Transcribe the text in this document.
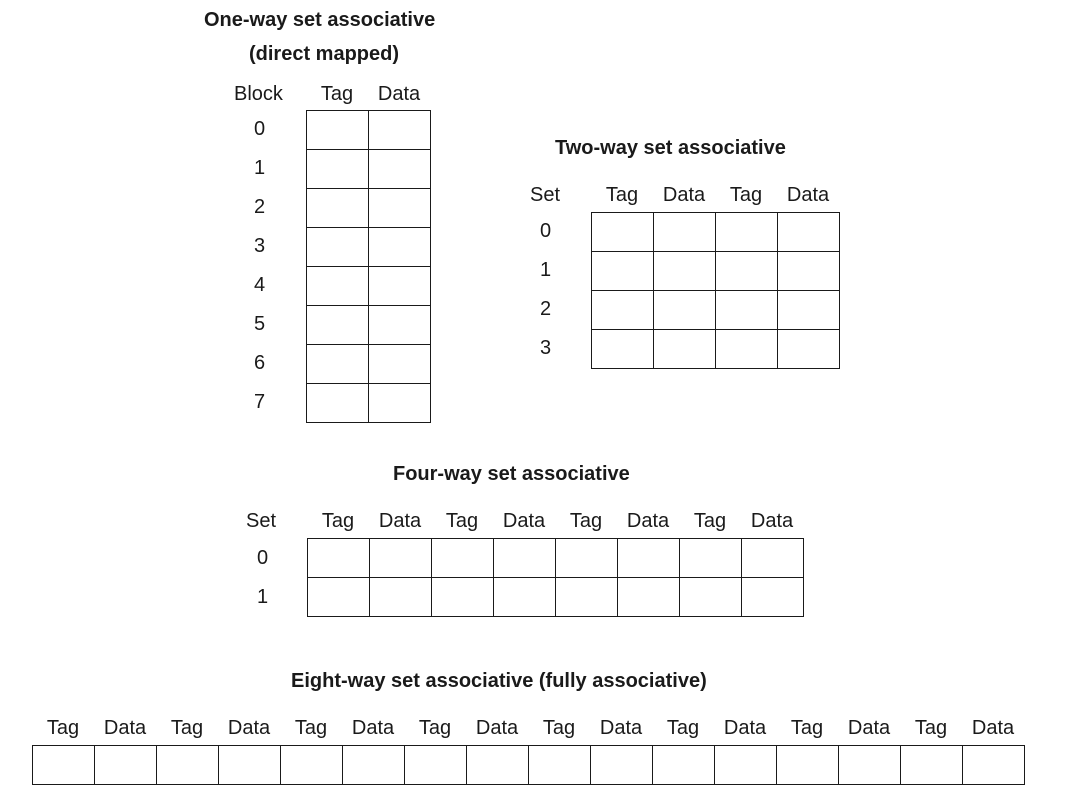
One-way set associative
(direct mapped)
Block	Tag	Data
0
1
2
3
4
5
6
7
Two-way set associative
Set	Tag	Data	Tag	Data
0
1
2
3
Four-way set associative
Set	Tag	Data	Tag	Data	Tag	Data	Tag	Data
0
1
Eight-way set associative (fully associative)
Tag	Data	Tag	Data	Tag	Data	Tag	Data	Tag	Data	Tag	Data	Tag	Data	Tag	Data
